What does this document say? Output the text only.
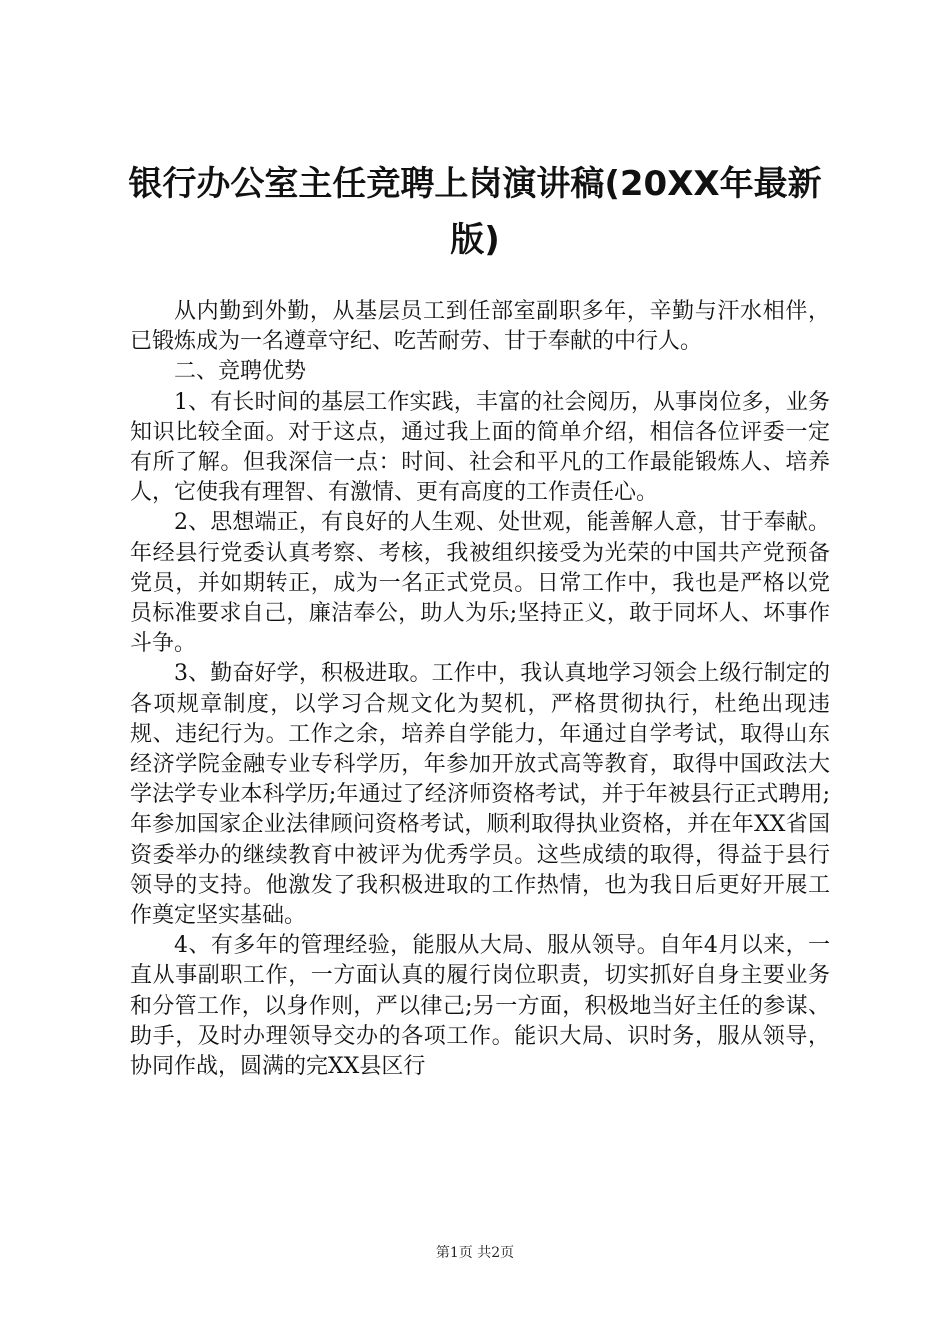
银行办公室主任竞聘上岗演讲稿(20XX年最新版)

从内勤到外勤，从基层员工到任部室副职多年，辛勤与汗水相伴，已锻炼成为一名遵章守纪、吃苦耐劳、甘于奉献的中行人。

二、竞聘优势

1、有长时间的基层工作实践，丰富的社会阅历，从事岗位多，业务知识比较全面。对于这点，通过我上面的简单介绍，相信各位评委一定有所了解。但我深信一点：时间、社会和平凡的工作最能锻炼人、培养人，它使我有理智、有激情、更有高度的工作责任心。

2、思想端正，有良好的人生观、处世观，能善解人意，甘于奉献。年经县行党委认真考察、考核，我被组织接受为光荣的中国共产党预备党员，并如期转正，成为一名正式党员。日常工作中，我也是严格以党员标准要求自己，廉洁奉公，助人为乐;坚持正义，敢于同坏人、坏事作斗争。

3、勤奋好学，积极进取。工作中，我认真地学习领会上级行制定的各项规章制度，以学习合规文化为契机，严格贯彻执行，杜绝出现违规、违纪行为。工作之余，培养自学能力，年通过自学考试，取得山东经济学院金融专业专科学历，年参加开放式高等教育，取得中国政法大学法学专业本科学历;年通过了经济师资格考试，并于年被县行正式聘用;年参加国家企业法律顾问资格考试，顺利取得执业资格，并在年XX省国资委举办的继续教育中被评为优秀学员。这些成绩的取得，得益于县行领导的支持。他激发了我积极进取的工作热情，也为我日后更好开展工作奠定坚实基础。

4、有多年的管理经验，能服从大局、服从领导。自年4月以来，一直从事副职工作，一方面认真的履行岗位职责，切实抓好自身主要业务和分管工作，以身作则，严以律己;另一方面，积极地当好主任的参谋、助手，及时办理领导交办的各项工作。能识大局、识时务，服从领导，协同作战，圆满的完XX县区行

第1页 共2页
